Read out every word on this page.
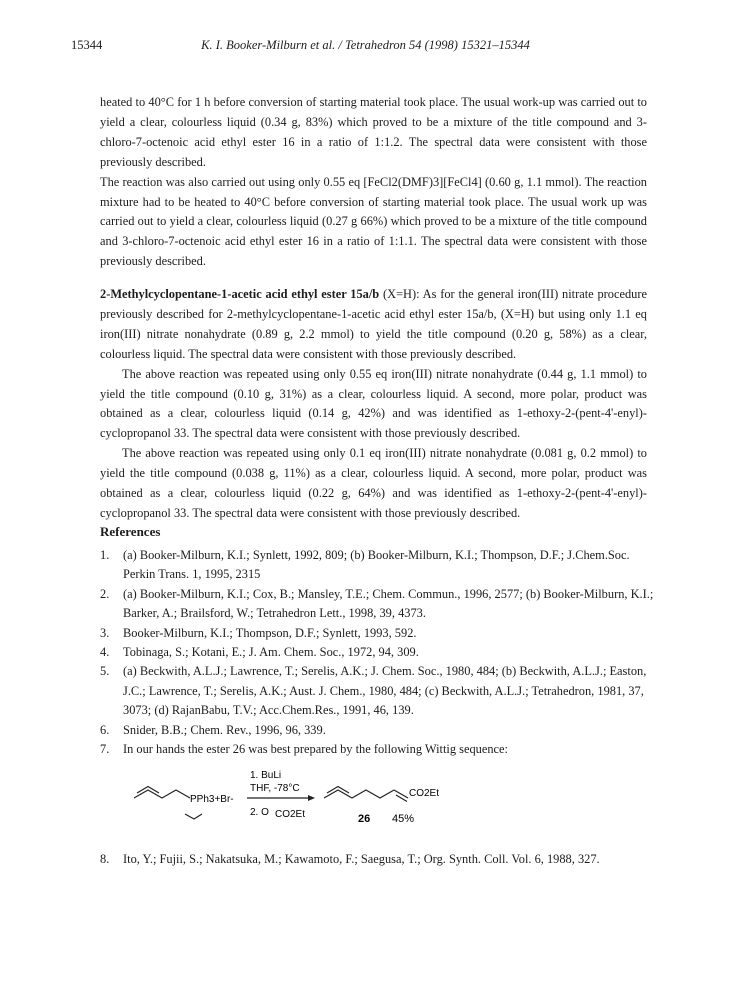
15344	K. I. Booker-Milburn et al. / Tetrahedron 54 (1998) 15321–15344

heated to 40°C for 1 h before conversion of starting material took place. The usual work-up was carried out to yield a clear, colourless liquid (0.34 g, 83%) which proved to be a mixture of the title compound and 3-chloro-7-octenoic acid ethyl ester 16 in a ratio of 1:1.2. The spectral data were consistent with those previously described.

The reaction was also carried out using only 0.55 eq [FeCl2(DMF)3][FeCl4] (0.60 g, 1.1 mmol). The reaction mixture had to be heated to 40°C before conversion of starting material took place. The usual work up was carried out to yield a clear, colourless liquid (0.27 g 66%) which proved to be a mixture of the title compound and 3-chloro-7-octenoic acid ethyl ester 16 in a ratio of 1:1.1. The spectral data were consistent with those previously described.

2-Methylcyclopentane-1-acetic acid ethyl ester 15a/b (X=H): As for the general iron(III) nitrate procedure previously described for 2-methylcyclopentane-1-acetic acid ethyl ester 15a/b, (X=H) but using only 1.1 eq iron(III) nitrate nonahydrate (0.89 g, 2.2 mmol) to yield the title compound (0.20 g, 58%) as a clear, colourless liquid. The spectral data were consistent with those previously described.

The above reaction was repeated using only 0.55 eq iron(III) nitrate nonahydrate (0.44 g, 1.1 mmol) to yield the title compound (0.10 g, 31%) as a clear, colourless liquid. A second, more polar, product was obtained as a clear, colourless liquid (0.14 g, 42%) and was identified as 1-ethoxy-2-(pent-4'-enyl)-cyclopropanol 33. The spectral data were consistent with those previously described.

The above reaction was repeated using only 0.1 eq iron(III) nitrate nonahydrate (0.081 g, 0.2 mmol) to yield the title compound (0.038 g, 11%) as a clear, colourless liquid. A second, more polar, product was obtained as a clear, colourless liquid (0.22 g, 64%) and was identified as 1-ethoxy-2-(pent-4'-enyl)-cyclopropanol 33. The spectral data were consistent with those previously described.

References
1. (a) Booker-Milburn, K.I.; Synlett, 1992, 809; (b) Booker-Milburn, K.I.; Thompson, D.F.; J.Chem.Soc. Perkin Trans. 1, 1995, 2315
2. (a) Booker-Milburn, K.I.; Cox, B.; Mansley, T.E.; Chem. Commun., 1996, 2577; (b) Booker-Milburn, K.I.; Barker, A.; Brailsford, W.; Tetrahedron Lett., 1998, 39, 4373.
3. Booker-Milburn, K.I.; Thompson, D.F.; Synlett, 1993, 592.
4. Tobinaga, S.; Kotani, E.; J. Am. Chem. Soc., 1972, 94, 309.
5. (a) Beckwith, A.L.J.; Lawrence, T.; Serelis, A.K.; J. Chem. Soc., 1980, 484; (b) Beckwith, A.L.J.; Easton, J.C.; Lawrence, T.; Serelis, A.K.; Aust. J. Chem., 1980, 484; (c) Beckwith, A.L.J.; Tetrahedron, 1981, 37, 3073; (d) RajanBabu, T.V.; Acc.Chem.Res., 1991, 46, 139.
6. Snider, B.B.; Chem. Rev., 1996, 96, 339.
7. In our hands the ester 26 was best prepared by the following Wittig sequence:
PPh3+Br-
1. BuLi
THF, -78°C
2. O CO2Et
CO2Et
26 45%
8. Ito, Y.; Fujii, S.; Nakatsuka, M.; Kawamoto, F.; Saegusa, T.; Org. Synth. Coll. Vol. 6, 1988, 327.
